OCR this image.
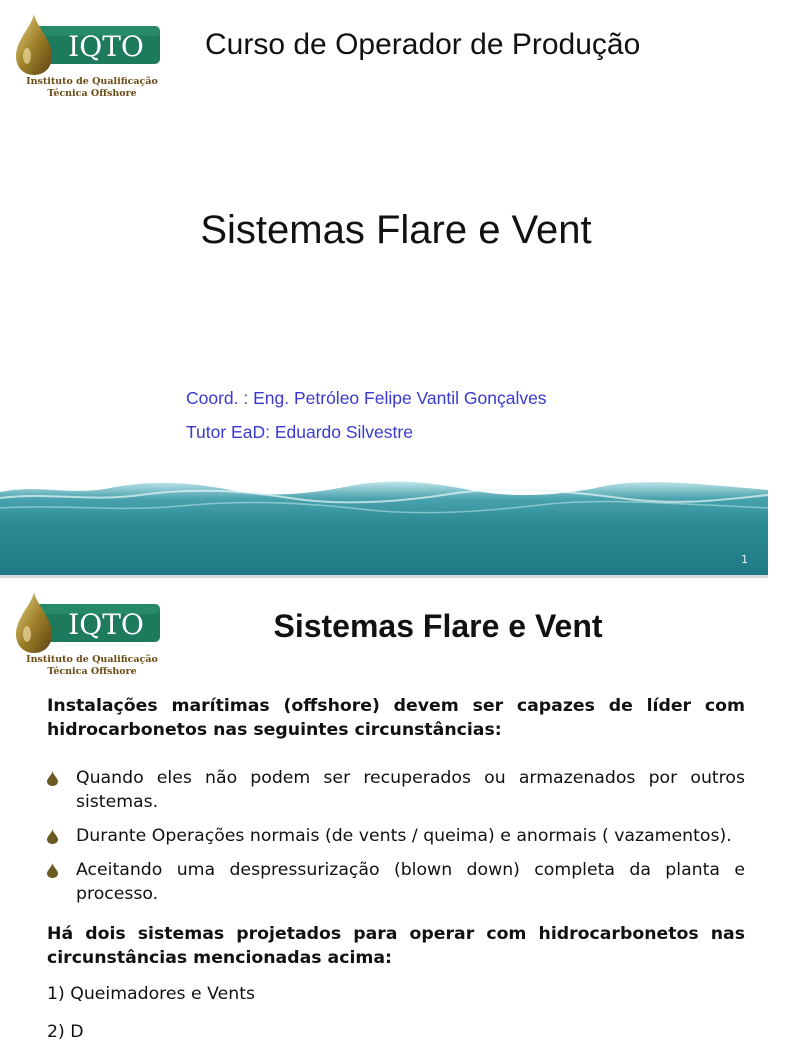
IQTO
Instituto de Qualificação
Técnica Offshore
Curso de Operador de Produção
Sistemas Flare e Vent
Coord. : Eng. Petróleo Felipe Vantil Gonçalves
Tutor EaD: Eduardo Silvestre
1
IQTO
Instituto de Qualificação
Técnica Offshore
Sistemas Flare e Vent

Instalações marítimas (offshore) devem ser capazes de líder com hidrocarbonetos nas seguintes circunstâncias:

Quando eles não podem ser recuperados ou armazenados por outros sistemas.
Durante Operações normais (de vents / queima) e anormais ( vazamentos).
Aceitando uma despressurização (blown down) completa da planta e processo.

Há dois sistemas projetados para operar com hidrocarbonetos nas circunstâncias mencionadas acima:

1) Queimadores e Vents

2) D
